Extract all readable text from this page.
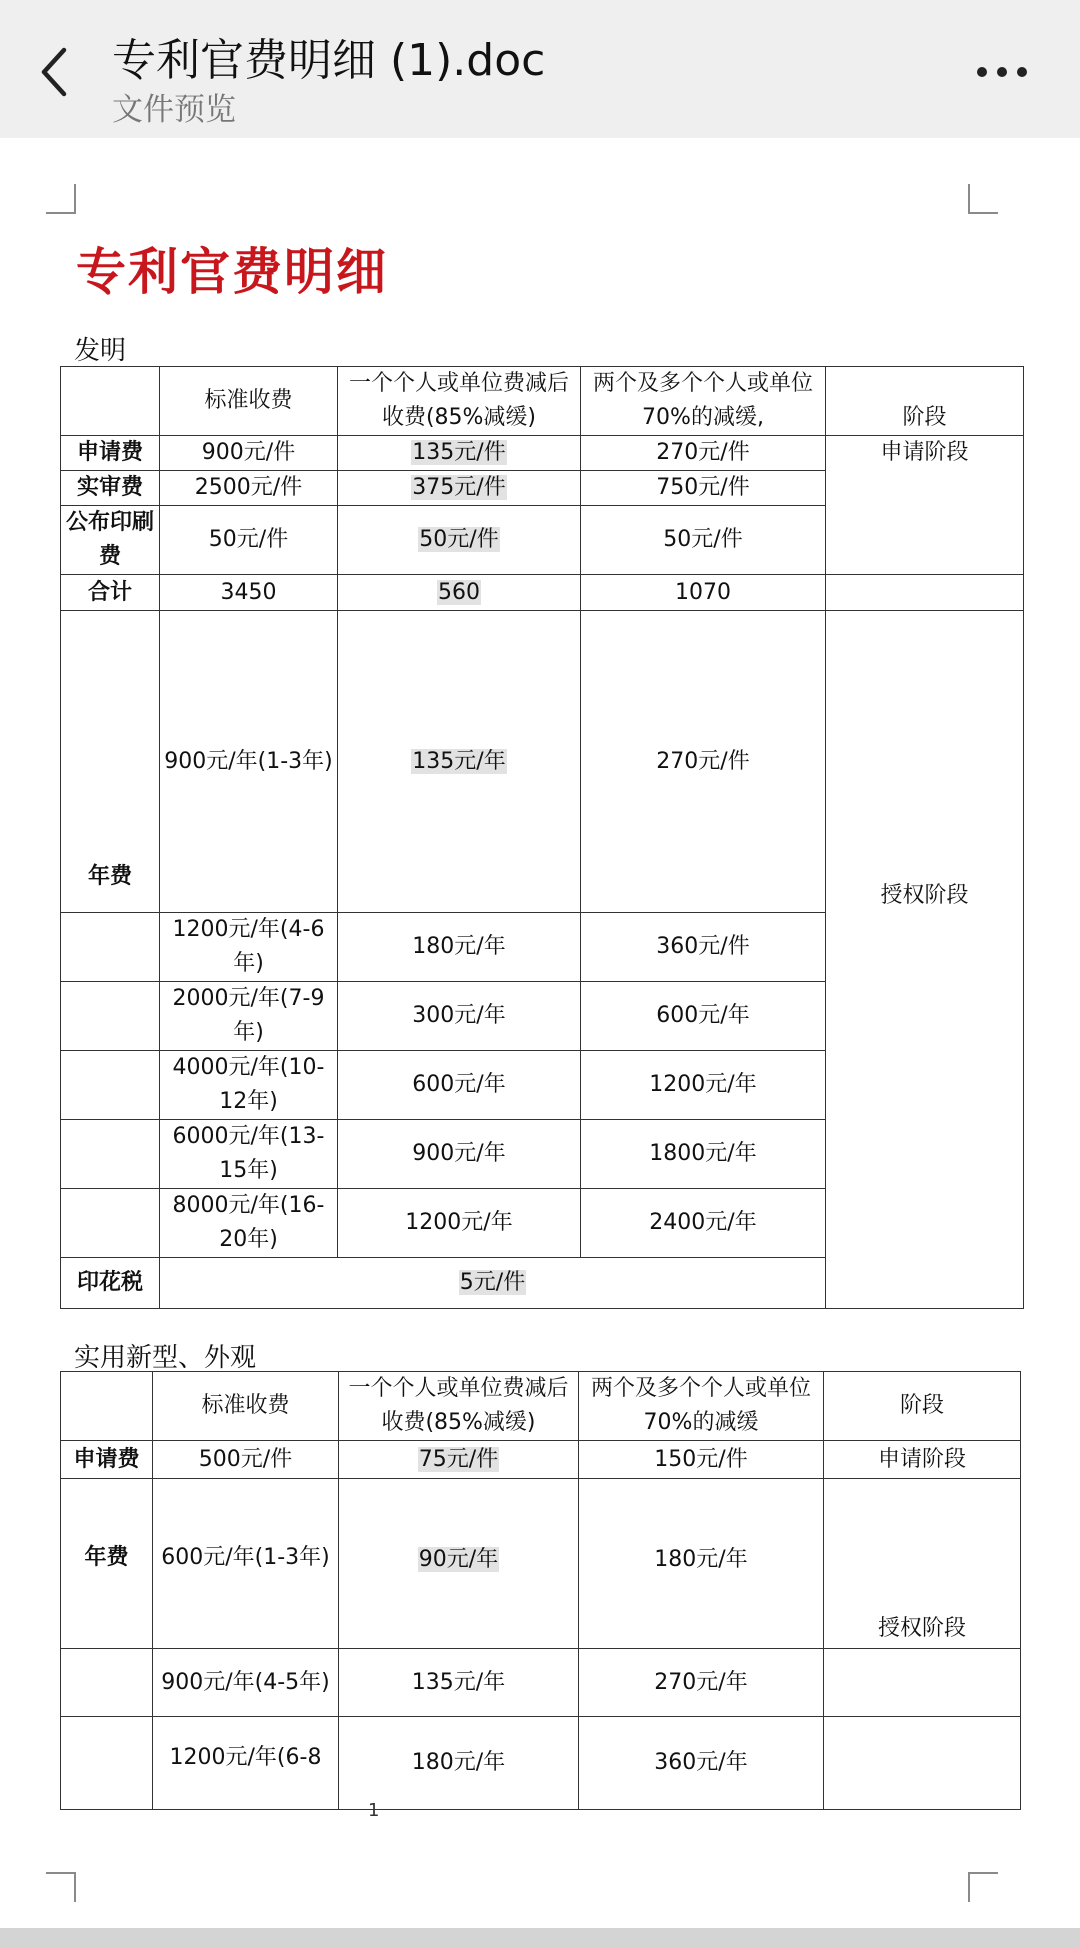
专利官费明细 (1).doc
文件预览
专利官费明细
发明
	标准收费	一个个人或单位费减后收费(85%减缓)	两个及多个个人或单位70%的减缓,	阶段
申请费	900元/件	135元/件	270元/件	申请阶段
实审费	2500元/件	375元/件	750元/件	
公布印刷费	50元/件	50元/件	50元/件	
合计	3450	560	1070	
年费	900元/年(1-3年)	135元/年	270元/件	授权阶段
	1200元/年(4-6年)	180元/年	360元/件	
	2000元/年(7-9年)	300元/年	600元/年	
	4000元/年(10-12年)	600元/年	1200元/年	
	6000元/年(13-15年)	900元/年	1800元/年	
	8000元/年(16-20年)	1200元/年	2400元/年	
印花税	5元/件			
实用新型、外观
	标准收费	一个个人或单位费减后收费(85%减缓)	两个及多个个人或单位70%的减缓	阶段
申请费	500元/件	75元/件	150元/件	申请阶段
年费	600元/年(1-3年)	90元/年	180元/年	授权阶段
	900元/年(4-5年)	135元/年	270元/年	
	1200元/年(6-8	180元/年	360元/年	
1
